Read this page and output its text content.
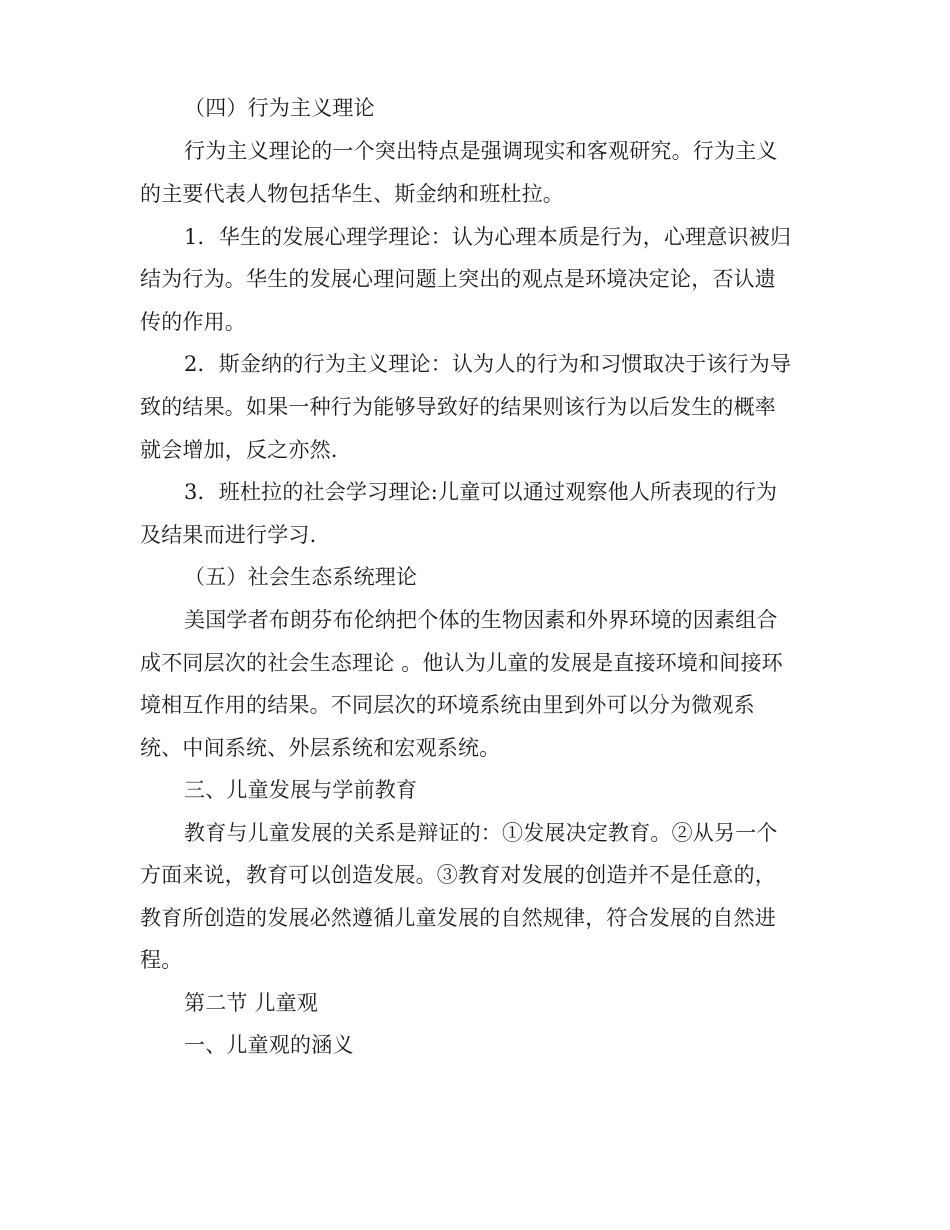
（四）行为主义理论
行为主义理论的一个突出特点是强调现实和客观研究。行为主义
的主要代表人物包括华生、斯金纳和班杜拉。
1．华生的发展心理学理论：认为心理本质是行为，心理意识被归
结为行为。华生的发展心理问题上突出的观点是环境决定论，否认遗
传的作用。
2．斯金纳的行为主义理论：认为人的行为和习惯取决于该行为导
致的结果。如果一种行为能够导致好的结果则该行为以后发生的概率
就会增加，反之亦然.
3．班杜拉的社会学习理论:儿童可以通过观察他人所表现的行为
及结果而进行学习.
（五）社会生态系统理论
美国学者布朗芬布伦纳把个体的生物因素和外界环境的因素组合
成不同层次的社会生态理论 。他认为儿童的发展是直接环境和间接环
境相互作用的结果。不同层次的环境系统由里到外可以分为微观系
统、中间系统、外层系统和宏观系统。
三、儿童发展与学前教育
教育与儿童发展的关系是辩证的：①发展决定教育。②从另一个
方面来说，教育可以创造发展。③教育对发展的创造并不是任意的，
教育所创造的发展必然遵循儿童发展的自然规律，符合发展的自然进
程。
第二节 儿童观
一、儿童观的涵义
